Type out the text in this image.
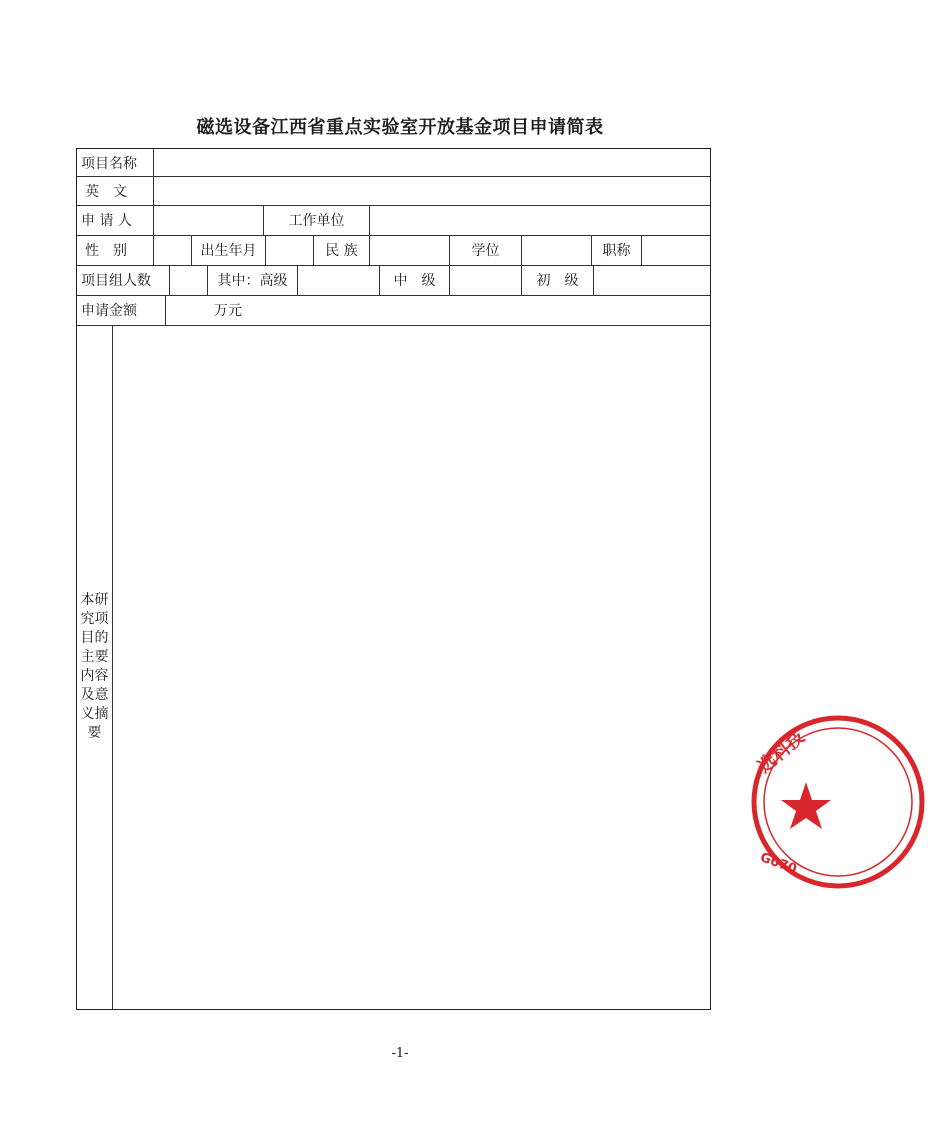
磁选设备江西省重点实验室开放基金项目申请简表
项目名称
英　文
申 请 人	工作单位
性　别	出生年月	民 族	学位	职称
项目组人数	其中：高级	中　级	初　级
申请金额	万元
本研究项目的主要内容及意义摘要
-1-
选科技
G070
